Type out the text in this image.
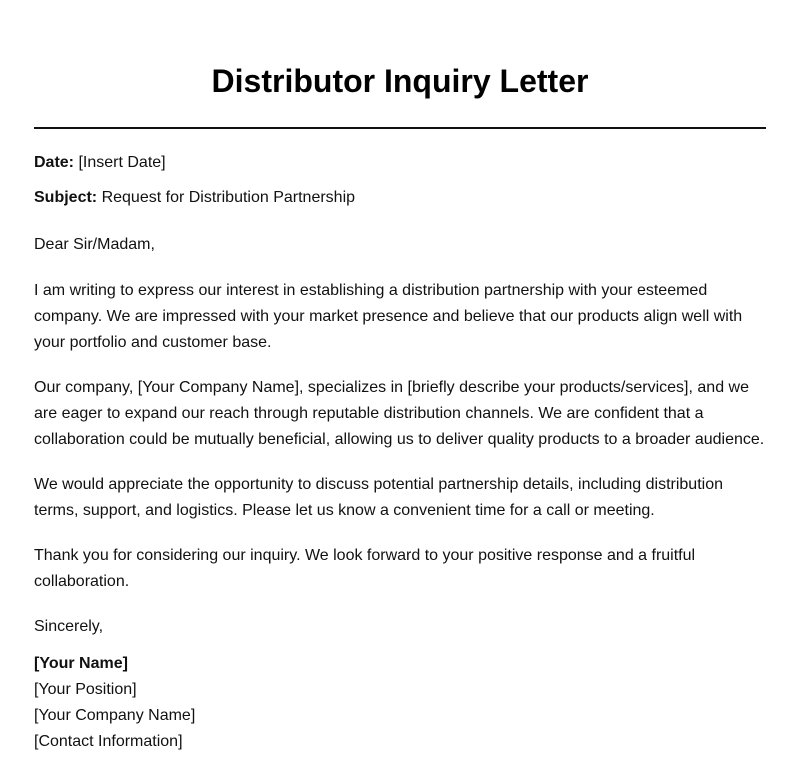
Distributor Inquiry Letter

Date: [Insert Date]

Subject: Request for Distribution Partnership

Dear Sir/Madam,

I am writing to express our interest in establishing a distribution partnership with your esteemed company. We are impressed with your market presence and believe that our products align well with your portfolio and customer base.

Our company, [Your Company Name], specializes in [briefly describe your products/services], and we are eager to expand our reach through reputable distribution channels. We are confident that a collaboration could be mutually beneficial, allowing us to deliver quality products to a broader audience.

We would appreciate the opportunity to discuss potential partnership details, including distribution terms, support, and logistics. Please let us know a convenient time for a call or meeting.

Thank you for considering our inquiry. We look forward to your positive response and a fruitful collaboration.

Sincerely,

[Your Name]
[Your Position]
[Your Company Name]
[Contact Information]
